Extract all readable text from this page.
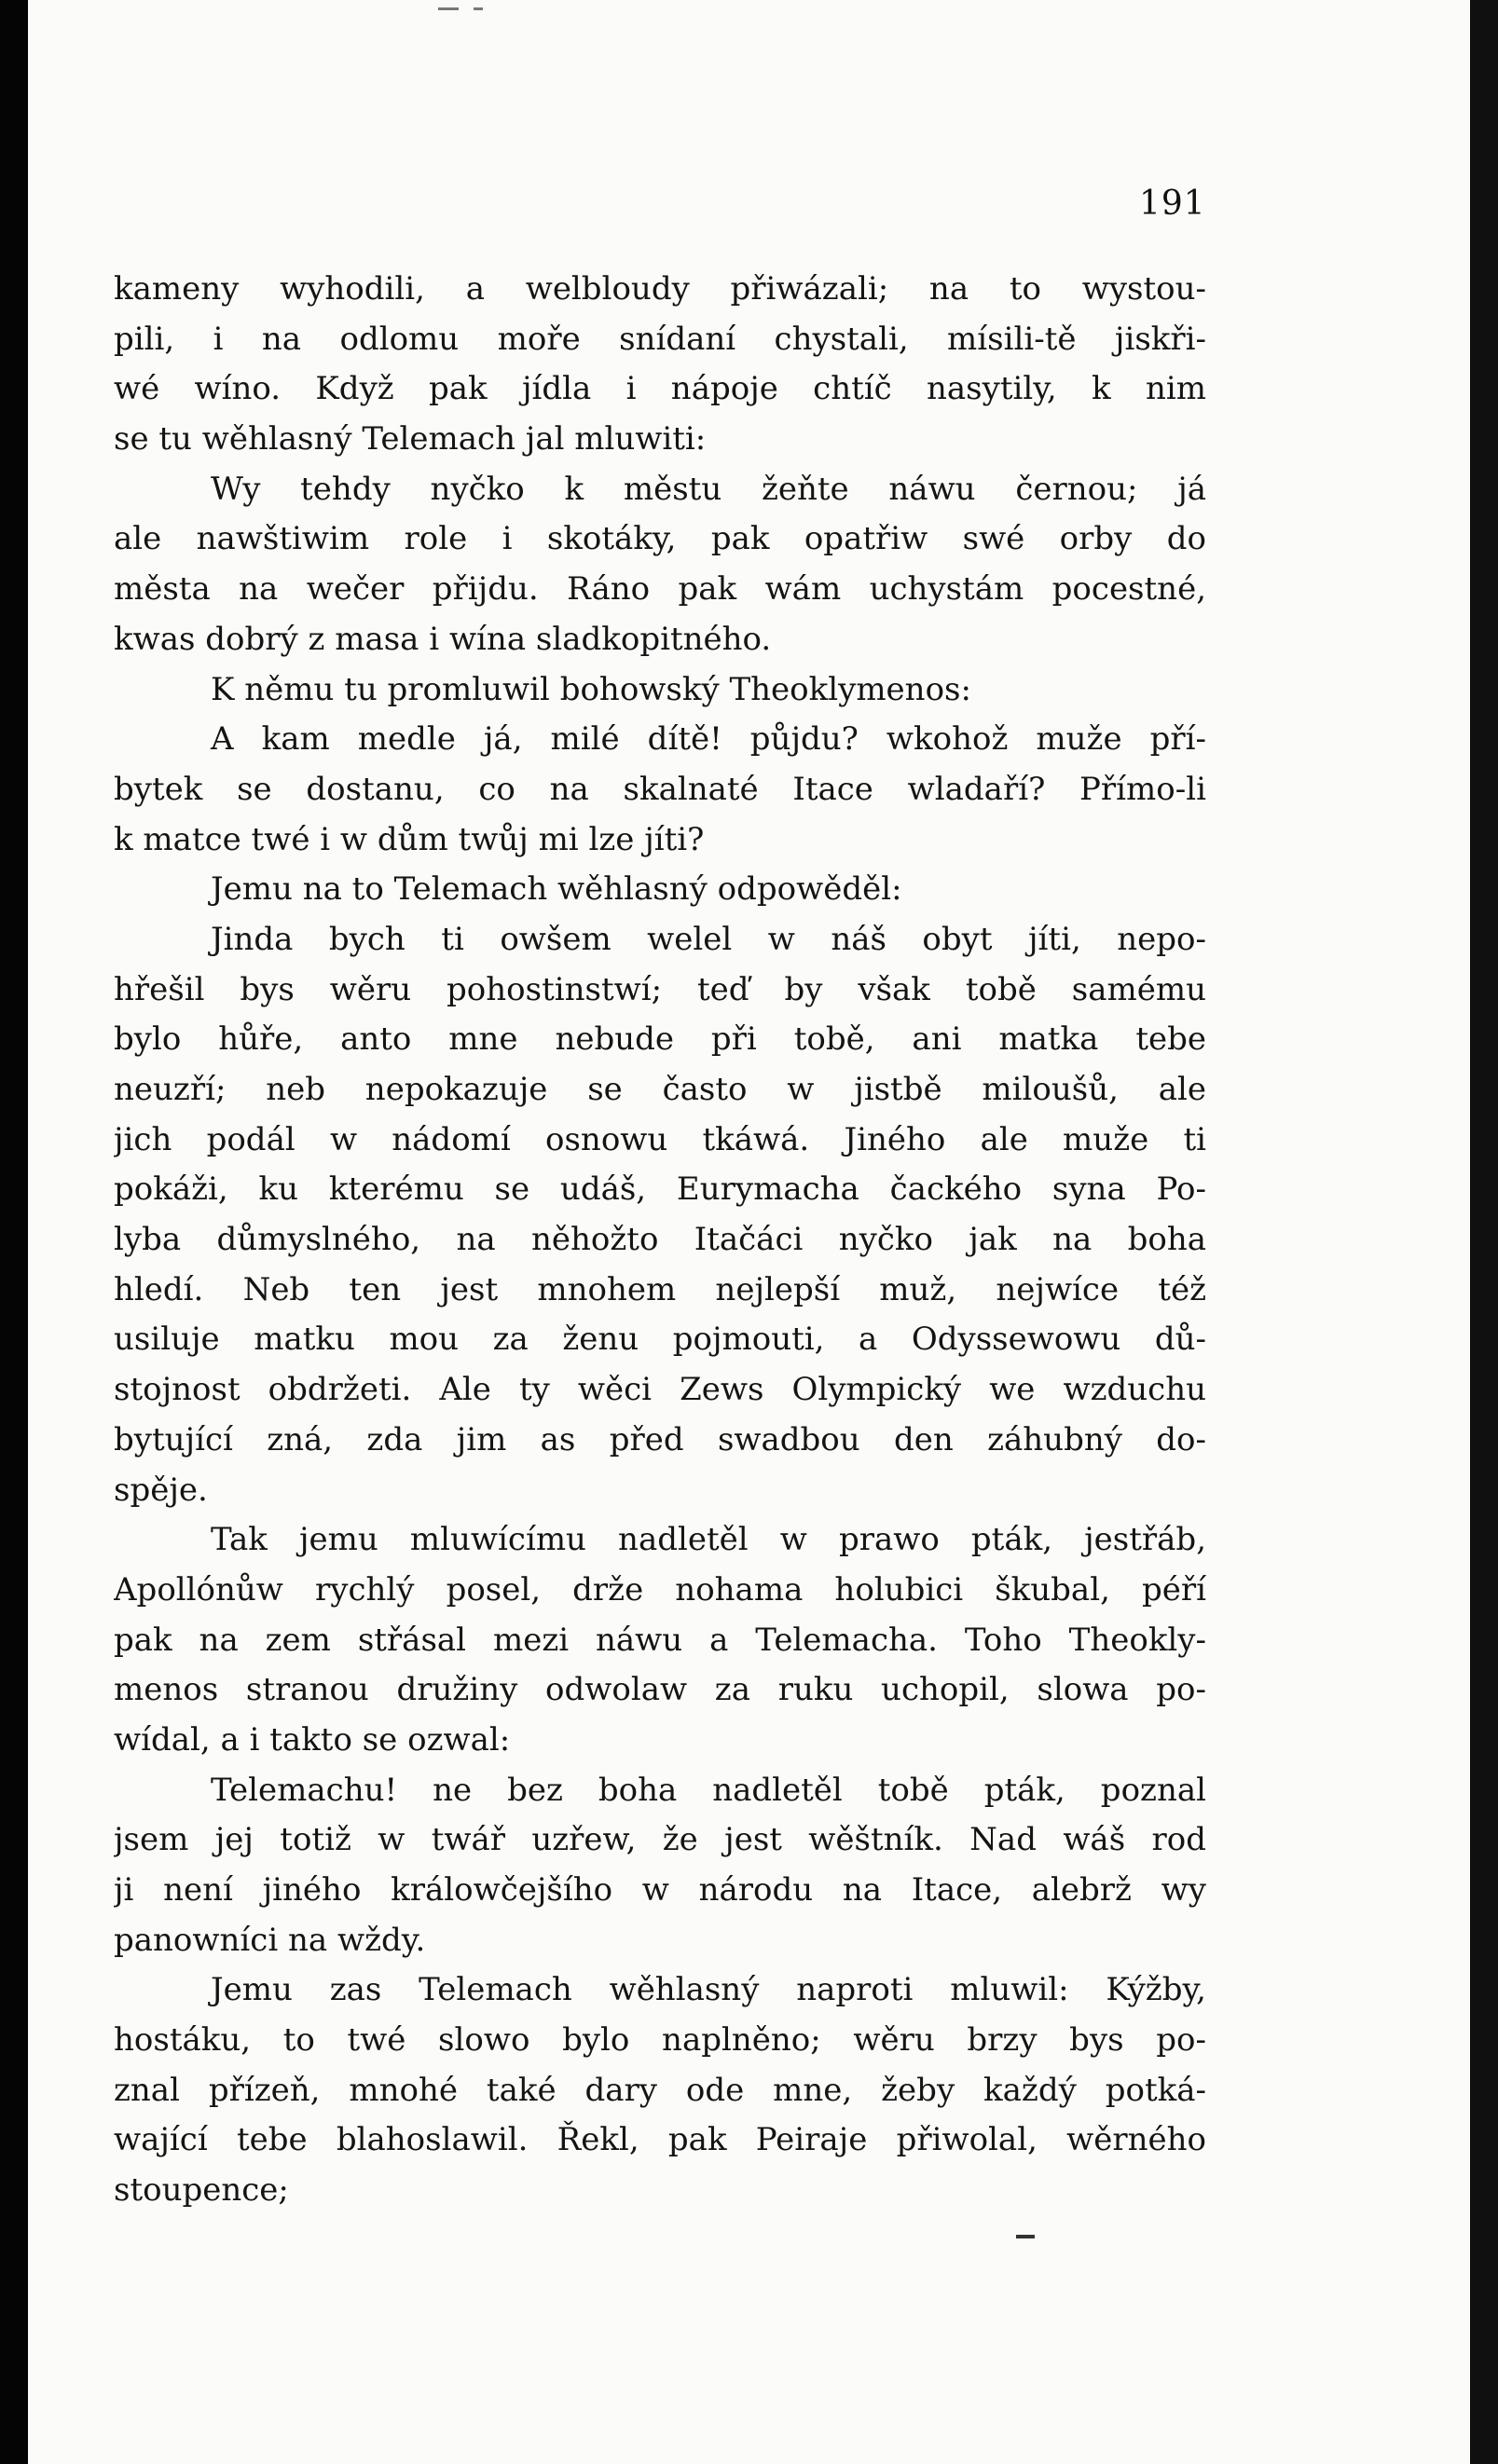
191
kameny wyhodili, a welbloudy přiwázali; na to wystou-
pili, i na odlomu moře snídaní chystali, mísili-tě jiskři-
wé wíno. Když pak jídla i nápoje chtíč nasytily, k nim
se tu wěhlasný Telemach jal mluwiti:
Wy tehdy nyčko k městu žeňte náwu černou; já
ale nawštiwim role i skotáky, pak opatřiw swé orby do
města na wečer přijdu. Ráno pak wám uchystám pocestné,
kwas dobrý z masa i wína sladkopitného.
K němu tu promluwil bohowský Theoklymenos:
A kam medle já, milé dítě! půjdu? wkohož muže pří-
bytek se dostanu, co na skalnaté Itace wladaří? Přímo-li
k matce twé i w dům twůj mi lze jíti?
Jemu na to Telemach wěhlasný odpowěděl:
Jinda bych ti owšem welel w náš obyt jíti, nepo-
hřešil bys wěru pohostinstwí; teď by však tobě samému
bylo hůře, anto mne nebude při tobě, ani matka tebe
neuzří; neb nepokazuje se často w jistbě miloušů, ale
jich podál w nádomí osnowu tkáwá. Jiného ale muže ti
pokáži, ku kterému se udáš, Eurymacha čackého syna Po-
lyba důmyslného, na něhožto Itačáci nyčko jak na boha
hledí. Neb ten jest mnohem nejlepší muž, nejwíce též
usiluje matku mou za ženu pojmouti, a Odyssewowu dů-
stojnost obdržeti. Ale ty wěci Zews Olympický we wzduchu
bytující zná, zda jim as před swadbou den záhubný do-
spěje.
Tak jemu mluwícímu nadletěl w prawo pták, jestřáb,
Apollónůw rychlý posel, drže nohama holubici škubal, péří
pak na zem střásal mezi náwu a Telemacha. Toho Theokly-
menos stranou družiny odwolaw za ruku uchopil, slowa po-
wídal, a i takto se ozwal:
Telemachu! ne bez boha nadletěl tobě pták, poznal
jsem jej totiž w twář uzřew, že jest wěštník. Nad wáš rod
ji není jiného králowčejšího w národu na Itace, alebrž wy
panowníci na wždy.
Jemu zas Telemach wěhlasný naproti mluwil: Kýžby,
hostáku, to twé slowo bylo naplněno; wěru brzy bys po-
znal přízeň, mnohé také dary ode mne, žeby každý potká-
wající tebe blahoslawil. Řekl, pak Peiraje přiwolal, wěrného
stoupence;
